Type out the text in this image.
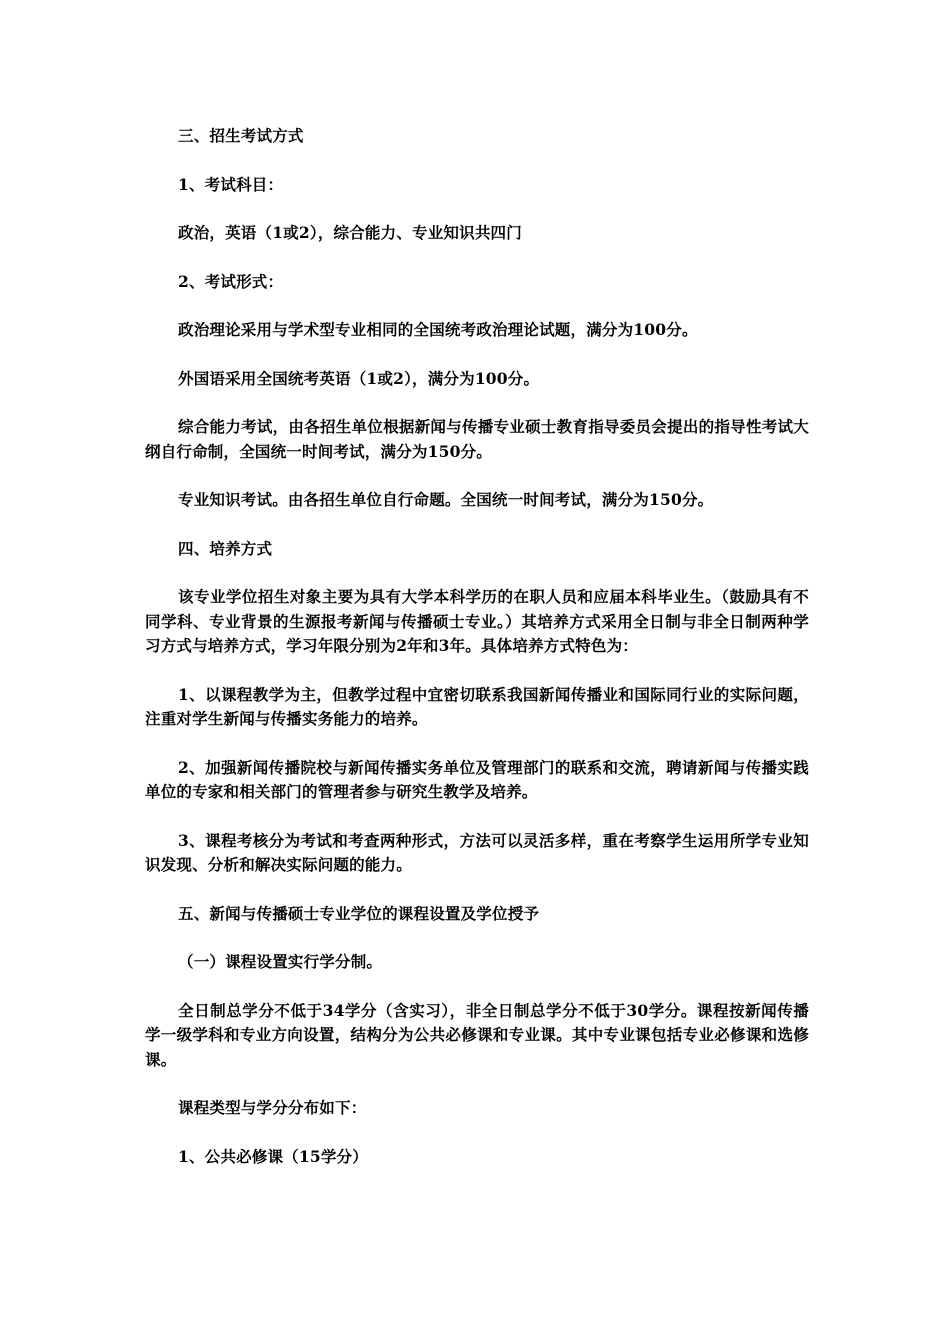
三、招生考试方式

1、考试科目：

政治，英语（1或2），综合能力、专业知识共四门

2、考试形式：

政治理论采用与学术型专业相同的全国统考政治理论试题，满分为100分。

外国语采用全国统考英语（1或2），满分为100分。

综合能力考试，由各招生单位根据新闻与传播专业硕士教育指导委员会提出的指导性考试大纲自行命制，全国统一时间考试，满分为150分。

专业知识考试。由各招生单位自行命题。全国统一时间考试，满分为150分。

四、培养方式

该专业学位招生对象主要为具有大学本科学历的在职人员和应届本科毕业生。（鼓励具有不同学科、专业背景的生源报考新闻与传播硕士专业。）其培养方式采用全日制与非全日制两种学习方式与培养方式，学习年限分别为2年和3年。具体培养方式特色为：

1、以课程教学为主，但教学过程中宜密切联系我国新闻传播业和国际同行业的实际问题，注重对学生新闻与传播实务能力的培养。

2、加强新闻传播院校与新闻传播实务单位及管理部门的联系和交流，聘请新闻与传播实践单位的专家和相关部门的管理者参与研究生教学及培养。

3、课程考核分为考试和考查两种形式，方法可以灵活多样，重在考察学生运用所学专业知识发现、分析和解决实际问题的能力。

五、新闻与传播硕士专业学位的课程设置及学位授予

（一）课程设置实行学分制。

全日制总学分不低于34学分（含实习），非全日制总学分不低于30学分。课程按新闻传播学一级学科和专业方向设置，结构分为公共必修课和专业课。其中专业课包括专业必修课和选修课。

课程类型与学分分布如下：

1、公共必修课（15学分）
